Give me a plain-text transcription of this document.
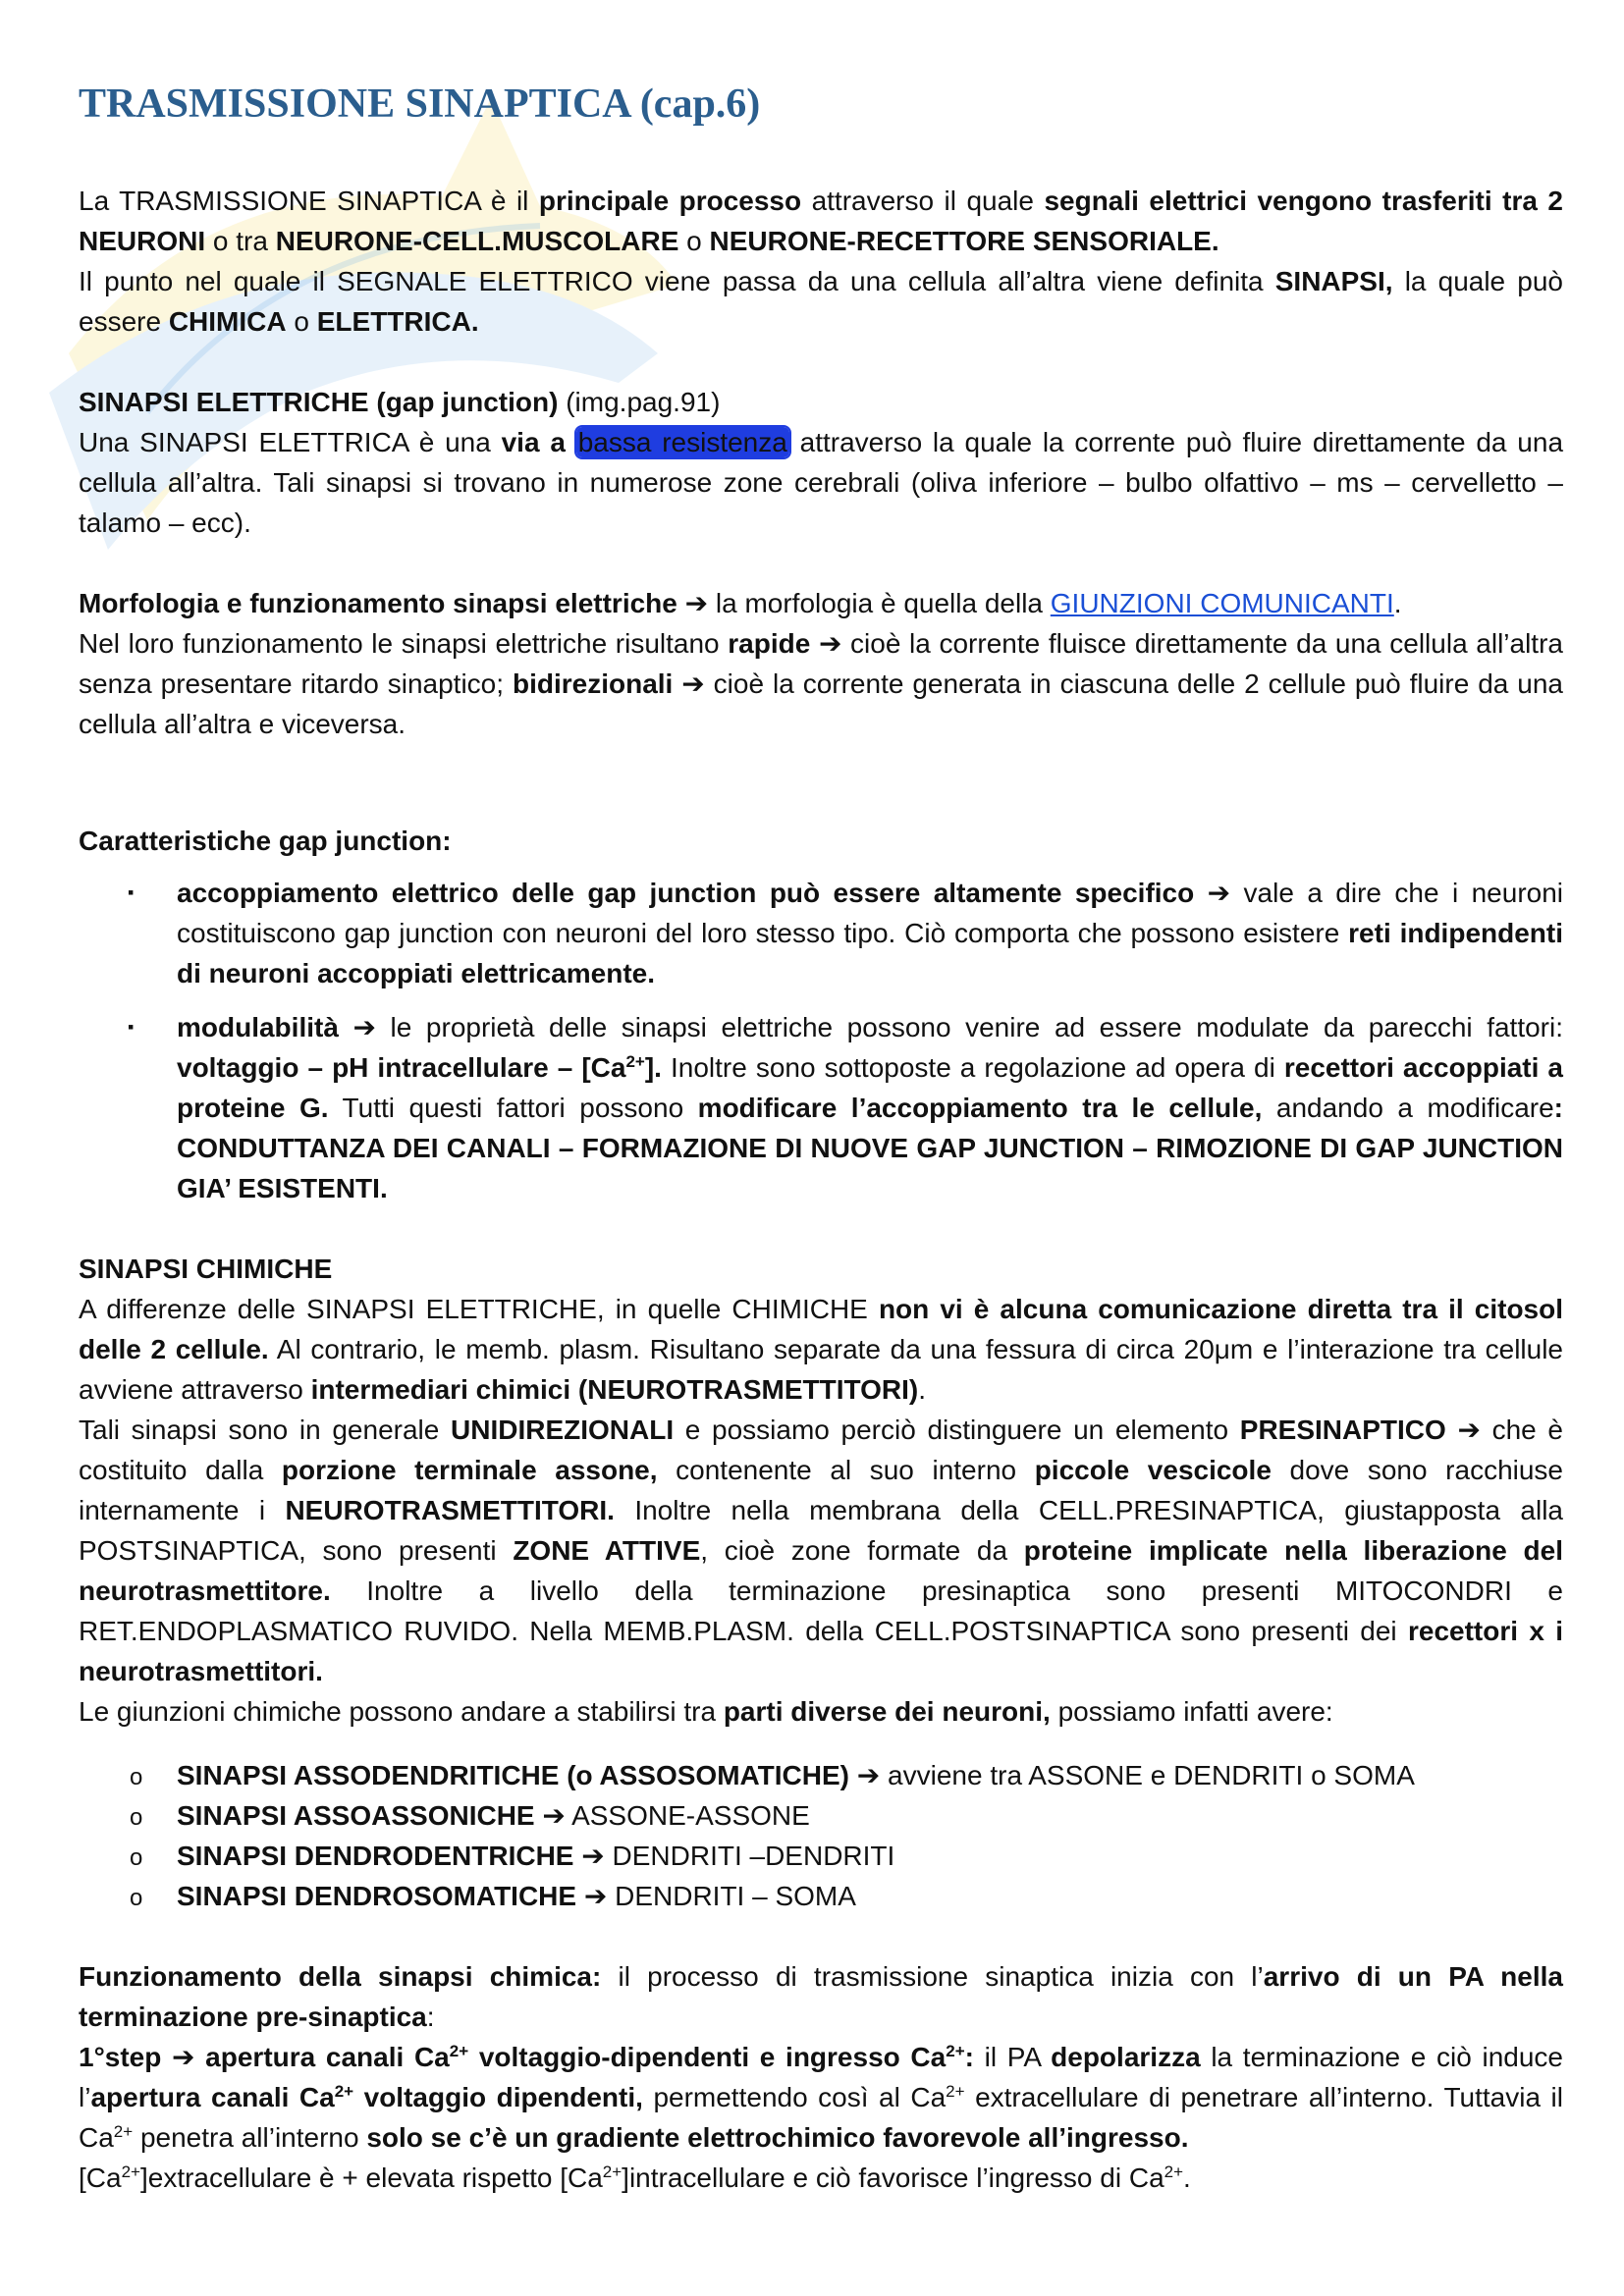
TRASMISSIONE SINAPTICA (cap.6)

La TRASMISSIONE SINAPTICA è il principale processo attraverso il quale segnali elettrici vengono trasferiti tra 2 NEURONI o tra NEURONE-CELL.MUSCOLARE o NEURONE-RECETTORE SENSORIALE.
Il punto nel quale il SEGNALE ELETTRICO viene passa da una cellula all’altra viene definita SINAPSI, la quale può essere CHIMICA o ELETTRICA.

SINAPSI ELETTRICHE (gap junction) (img.pag.91)
Una SINAPSI ELETTRICA è una via a bassa resistenza attraverso la quale la corrente può fluire direttamente da una cellula all’altra. Tali sinapsi si trovano in numerose zone cerebrali (oliva inferiore – bulbo olfattivo – ms – cervelletto – talamo – ecc).

Morfologia e funzionamento sinapsi elettriche ➔ la morfologia è quella della GIUNZIONI COMUNICANTI.
Nel loro funzionamento le sinapsi elettriche risultano rapide ➔ cioè la corrente fluisce direttamente da una cellula all’altra senza presentare ritardo sinaptico; bidirezionali ➔ cioè la corrente generata in ciascuna delle 2 cellule può fluire da una cellula all’altra e viceversa.

Caratteristiche gap junction:

▪ accoppiamento elettrico delle gap junction può essere altamente specifico ➔ vale a dire che i neuroni costituiscono gap junction con neuroni del loro stesso tipo. Ciò comporta che possono esistere reti indipendenti di neuroni accoppiati elettricamente.
▪ modulabilità ➔ le proprietà delle sinapsi elettriche possono venire ad essere modulate da parecchi fattori: voltaggio – pH intracellulare – $[Ca^{2+}]$. Inoltre sono sottoposte a regolazione ad opera di recettori accoppiati a proteine G. Tutti questi fattori possono modificare l’accoppiamento tra le cellule, andando a modificare: CONDUTTANZA DEI CANALI – FORMAZIONE DI NUOVE GAP JUNCTION – RIMOZIONE DI GAP JUNCTION GIA’ ESISTENTI.

SINAPSI CHIMICHE
A differenze delle SINAPSI ELETTRICHE, in quelle CHIMICHE non vi è alcuna comunicazione diretta tra il citosol delle 2 cellule. Al contrario, le memb. plasm. Risultano separate da una fessura di circa 20μm e l’interazione tra cellule avviene attraverso intermediari chimici (NEUROTRASMETTITORI).
Tali sinapsi sono in generale UNIDIREZIONALI e possiamo perciò distinguere un elemento PRESINAPTICO ➔ che è costituito dalla porzione terminale assone, contenente al suo interno piccole vescicole dove sono racchiuse internamente i NEUROTRASMETTITORI. Inoltre nella membrana della CELL.PRESINAPTICA, giustapposta alla POSTSINAPTICA, sono presenti ZONE ATTIVE, cioè zone formate da proteine implicate nella liberazione del neurotrasmettitore. Inoltre a livello della terminazione presinaptica sono presenti MITOCONDRI e RET.ENDOPLASMATICO RUVIDO. Nella MEMB.PLASM. della CELL.POSTSINAPTICA sono presenti dei recettori x i neurotrasmettitori.
Le giunzioni chimiche possono andare a stabilirsi tra parti diverse dei neuroni, possiamo infatti avere:

o SINAPSI ASSODENDRITICHE (o ASSOSOMATICHE) ➔ avviene tra ASSONE e DENDRITI o SOMA
o SINAPSI ASSOASSONICHE ➔ ASSONE-ASSONE
o SINAPSI DENDRODENTRICHE ➔ DENDRITI –DENDRITI
o SINAPSI DENDROSOMATICHE ➔ DENDRITI – SOMA

Funzionamento della sinapsi chimica: il processo di trasmissione sinaptica inizia con l’arrivo di un PA nella terminazione pre-sinaptica:
1°step ➔ apertura canali $Ca^{2+}$ voltaggio-dipendenti e ingresso $Ca^{2+}$: il PA depolarizza la terminazione e ciò induce l’apertura canali $Ca^{2+}$ voltaggio dipendenti, permettendo così al $Ca^{2+}$ extracellulare di penetrare all’interno. Tuttavia il $Ca^{2+}$ penetra all’interno solo se c’è un gradiente elettrochimico favorevole all’ingresso.
$[Ca^{2+}]extracellulare$ è + elevata rispetto $[Ca^{2+}]intracellulare$ e ciò favorisce l’ingresso di $Ca^{2+}$.
